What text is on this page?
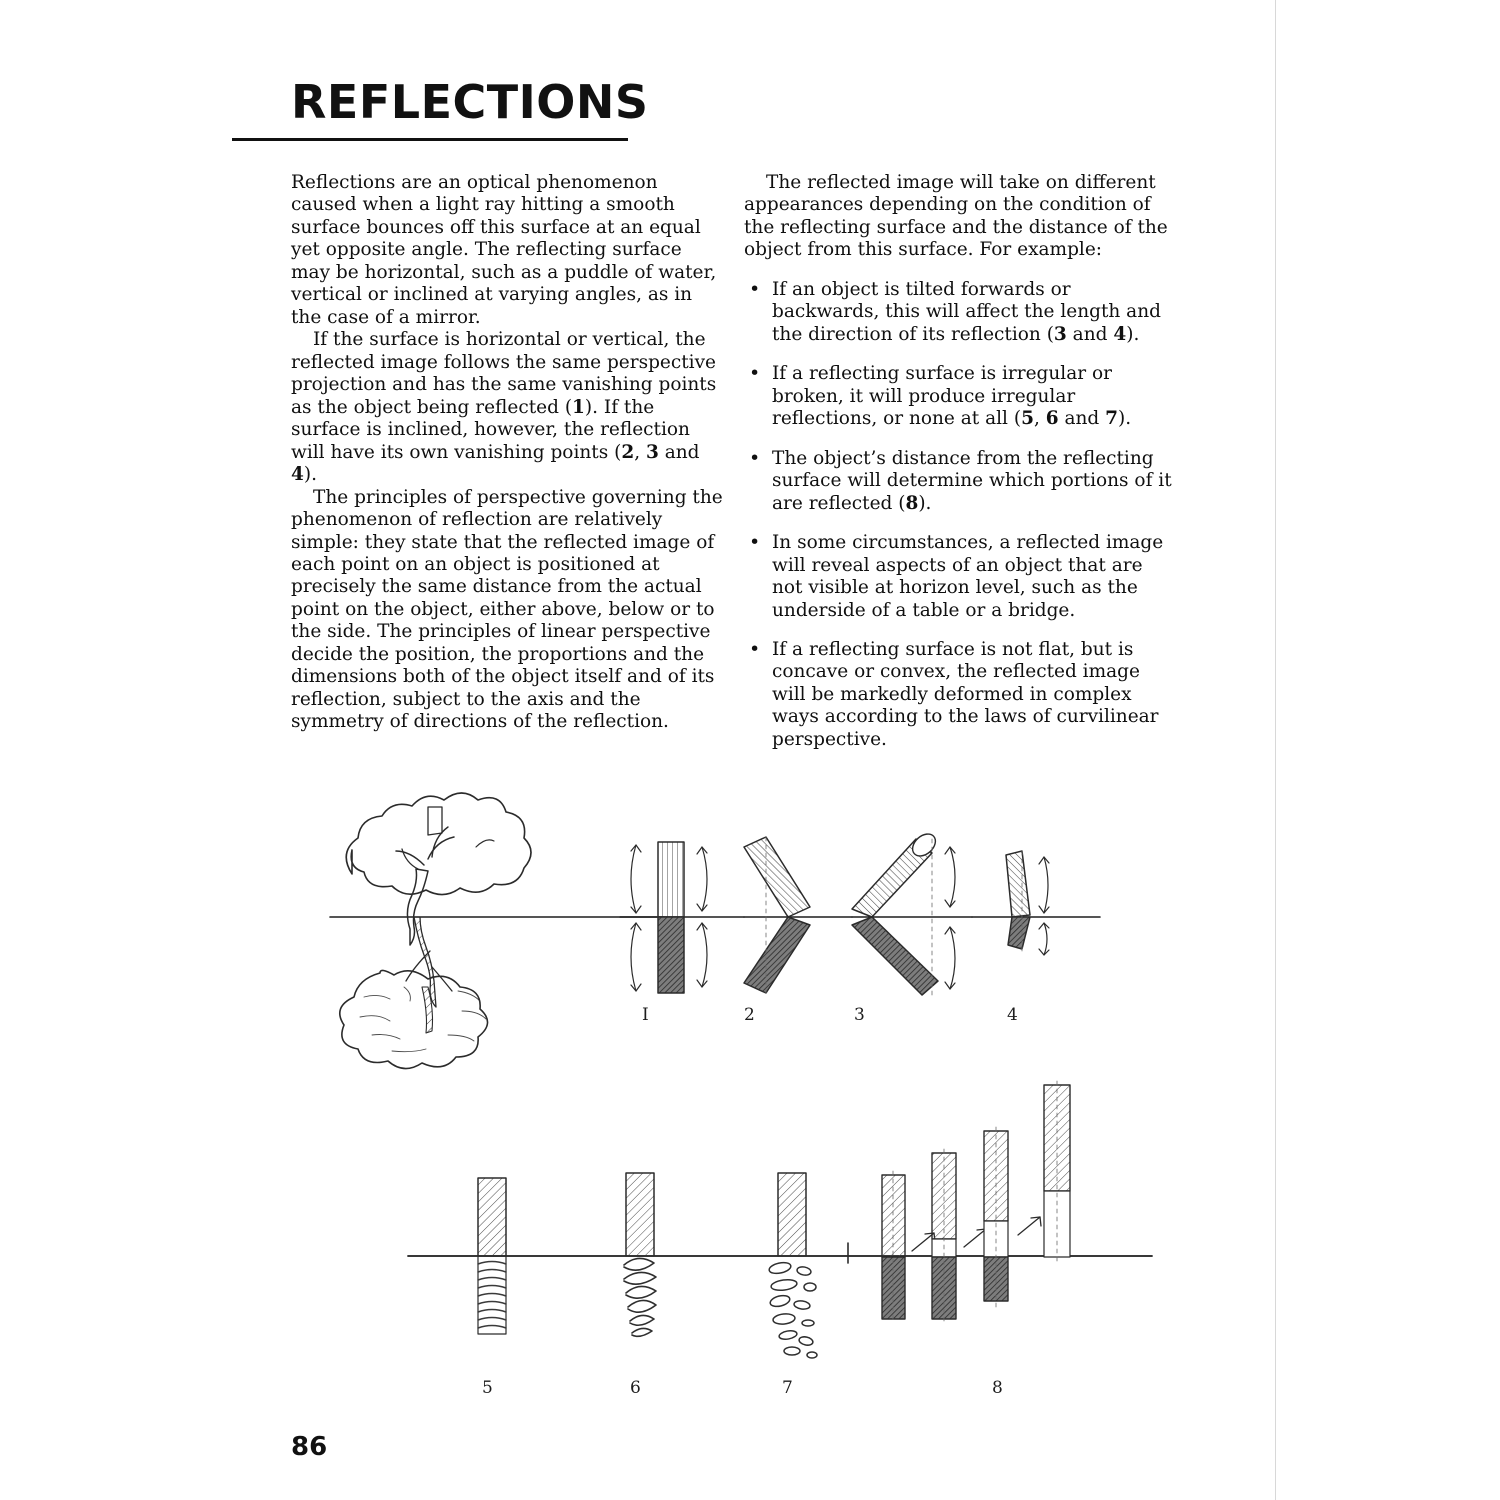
REFLECTIONS

Reflections are an optical phenomenon caused when a light ray hitting a smooth surface bounces off this surface at an equal yet opposite angle. The reflecting surface may be horizontal, such as a puddle of water, vertical or inclined at varying angles, as in the case of a mirror.

If the surface is horizontal or vertical, the reflected image follows the same perspective projection and has the same vanishing points as the object being reflected (1). If the surface is inclined, however, the reflection will have its own vanishing points (2, 3 and 4).

The principles of perspective governing the phenomenon of reflection are relatively simple: they state that the reflected image of each point on an object is positioned at precisely the same distance from the actual point on the object, either above, below or to the side. The principles of linear perspective decide the position, the proportions and the dimensions both of the object itself and of its reflection, subject to the axis and the symmetry of directions of the reflection.

The reflected image will take on different appearances depending on the condition of the reflecting surface and the distance of the object from this surface. For example:

• If an object is tilted forwards or backwards, this will affect the length and the direction of its reflection (3 and 4).
• If a reflecting surface is irregular or broken, it will produce irregular reflections, or none at all (5, 6 and 7).
• The object’s distance from the reflecting surface will determine which portions of it are reflected (8).
• In some circumstances, a reflected image will reveal aspects of an object that are not visible at horizon level, such as the underside of a table or a bridge.
• If a reflecting surface is not flat, but is concave or convex, the reflected image will be markedly deformed in complex ways according to the laws of curvilinear perspective.
I	2	3	4
5	6	7	8
86
